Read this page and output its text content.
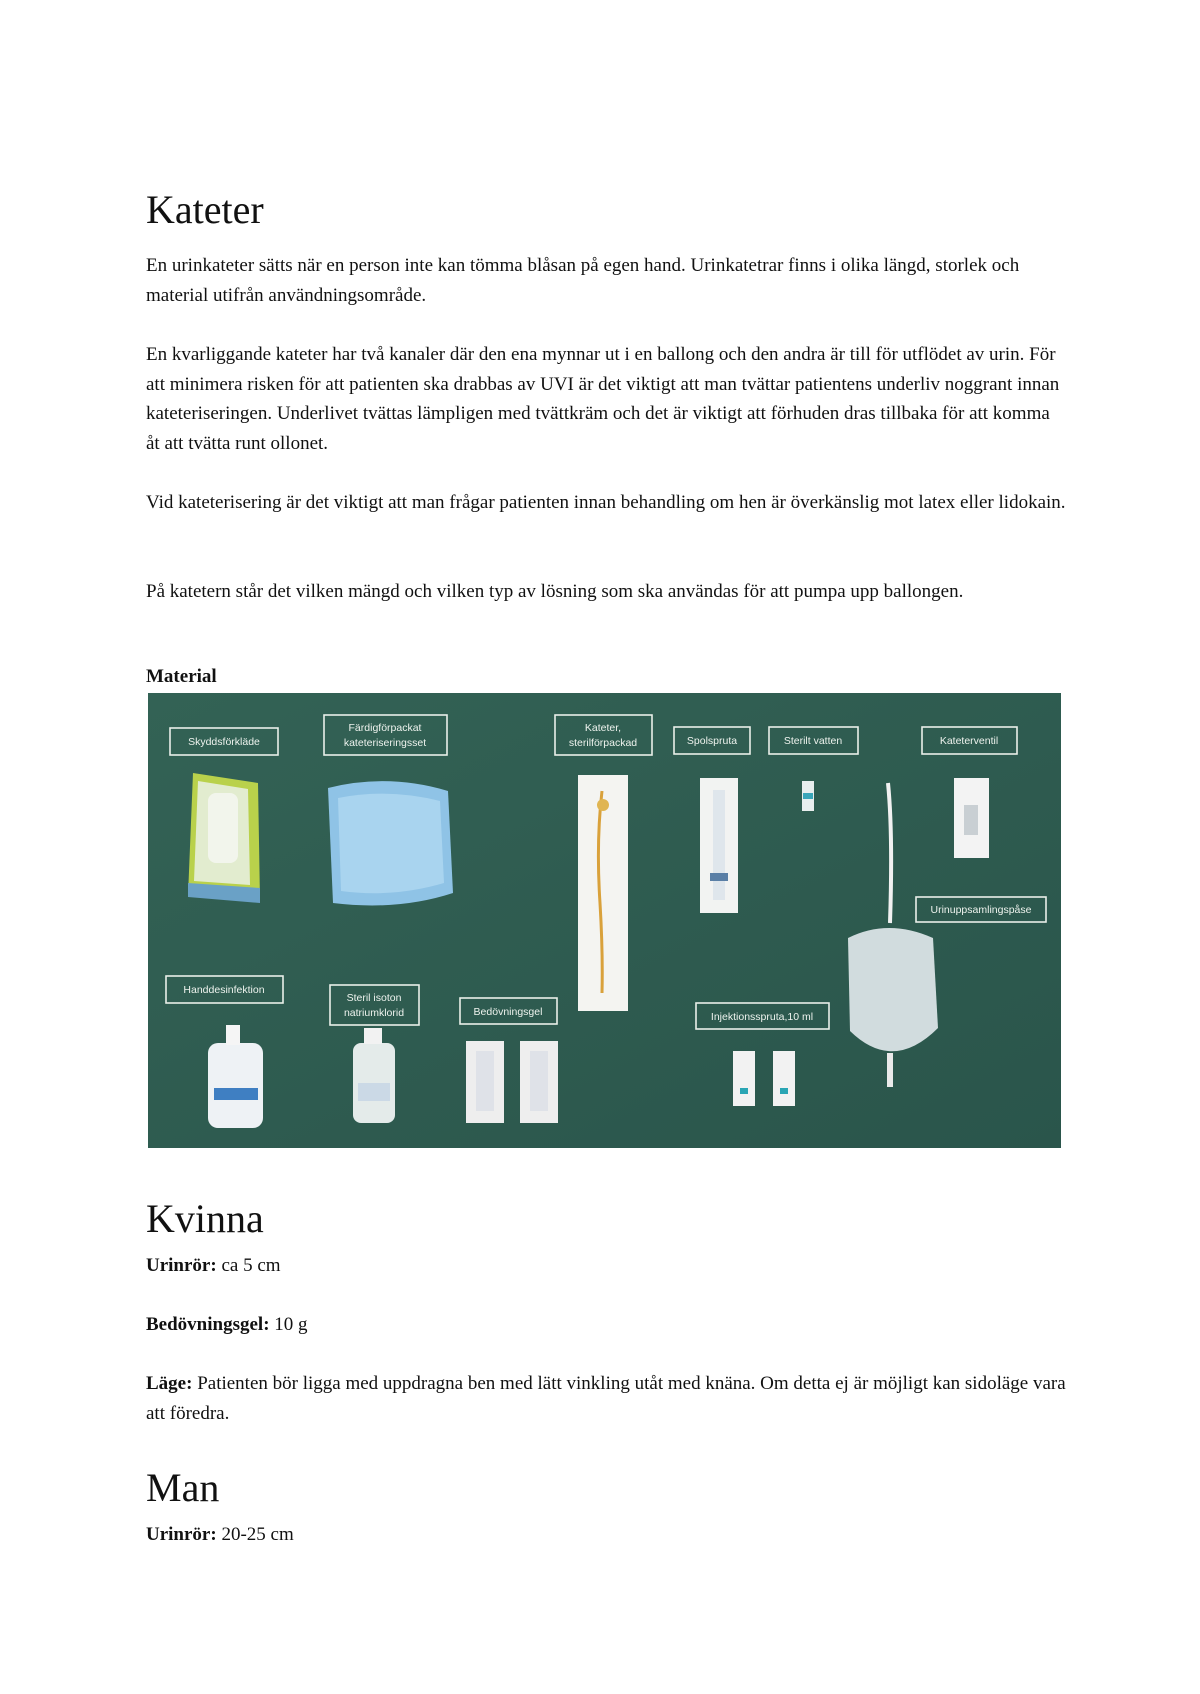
Kateter

En urinkateter sätts när en person inte kan tömma blåsan på egen hand. Urinkatetrar finns i olika längd, storlek och material utifrån användningsområde.

En kvarliggande kateter har två kanaler där den ena mynnar ut i en ballong och den andra är till för utflödet av urin. För att minimera risken för att patienten ska drabbas av UVI är det viktigt att man tvättar patientens underliv noggrant innan kateteriseringen. Underlivet tvättas lämpligen med tvättkräm och det är viktigt att förhuden dras tillbaka för att komma åt att tvätta runt ollonet.

Vid kateterisering är det viktigt att man frågar patienten innan behandling om hen är överkänslig mot latex eller lidokain.

På katetern står det vilken mängd och vilken typ av lösning som ska användas för att pumpa upp ballongen.

Material
Kvinna

Urinrör: ca 5 cm

Bedövningsgel: 10 g

Läge: Patienten bör ligga med uppdragna ben med lätt vinkling utåt med knäna. Om detta ej är möjligt kan sidoläge vara att föredra.

Man

Urinrör: 20-25 cm

Skyddsförkläde
Färdigförpackat
kateteriseringsset
Kateter,
sterilförpackad	Spolspruta	Sterilt vatten	Kateterventil
Urinuppsamlingspåse
Handdesinfektion
Steril isoton
natriumklorid	Bedövningsgel	Injektionsspruta,10 ml
